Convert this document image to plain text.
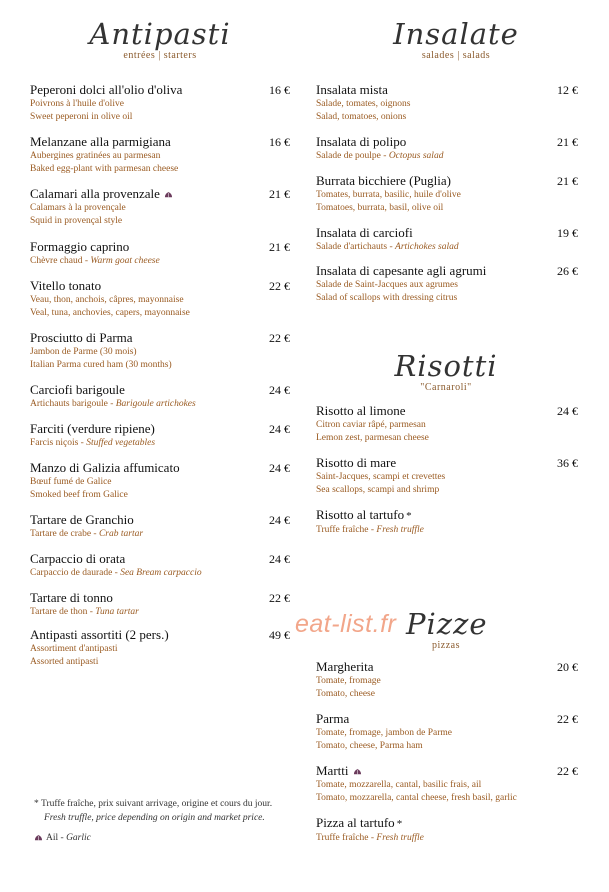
Antipasti
entrées | starters
Peperoni dolci all'olio d'oliva	16 €
Poivrons à l'huile d'olive
Sweet peperoni in olive oil
Melanzane alla parmigiana	16 €
Aubergines gratinées au parmesan
Baked egg-plant with parmesan cheese
Calamari alla provenzale	21 €
Calamars à la provençale
Squid in provençal style
Formaggio caprino	21 €
Chèvre chaud - Warm goat cheese
Vitello tonato	22 €
Veau, thon, anchois, câpres, mayonnaise
Veal, tuna, anchovies, capers, mayonnaise
Prosciutto di Parma	22 €
Jambon de Parme (30 mois)
Italian Parma cured ham (30 months)
Carciofi barigoule	24 €
Artichauts barigoule - Barigoule artichokes
Farciti (verdure ripiene)	24 €
Farcis niçois - Stuffed vegetables
Manzo di Galizia affumicato	24 €
Bœuf fumé de Galice
Smoked beef from Galice
Tartare de Granchio	24 €
Tartare de crabe - Crab tartar
Carpaccio di orata	24 €
Carpaccio de daurade - Sea Bream carpaccio
Tartare di tonno	22 €
Tartare de thon - Tuna tartar
Antipasti assortiti (2 pers.)	49 €
Assortiment d'antipasti
Assorted antipasti
Insalate
salades | salads
Insalata mista	12 €
Salade, tomates, oignons
Salad, tomatoes, onions
Insalata di polipo	21 €
Salade de poulpe - Octopus salad
Burrata bicchiere (Puglia)	21 €
Tomates, burrata, basilic, huile d'olive
Tomatoes, burrata, basil, olive oil
Insalata di carciofi	19 €
Salade d'artichauts - Artichokes salad
Insalata di capesante agli agrumi	26 €
Salade de Saint-Jacques aux agrumes
Salad of scallops with dressing citrus
Risotti
"Carnaroli"
Risotto al limone	24 €
Citron caviar râpé, parmesan
Lemon zest, parmesan cheese
Risotto di mare	36 €
Saint-Jacques, scampi et crevettes
Sea scallops, scampi and shrimp
Risotto al tartufo *
Truffe fraîche - Fresh truffle
Pizze
pizzas
Margherita	20 €
Tomate, fromage
Tomato, cheese
Parma	22 €
Tomate, fromage, jambon de Parme
Tomato, cheese, Parma ham
Martti	22 €
Tomate, mozzarella, cantal, basilic frais, ail
Tomato, mozzarella, cantal cheese, fresh basil, garlic
Pizza al tartufo *
Truffe fraîche - Fresh truffle
eat-list.fr
* Truffe fraîche, prix suivant arrivage, origine et cours du jour.
Fresh truffle, price depending on origin and market price.
Ail - Garlic
